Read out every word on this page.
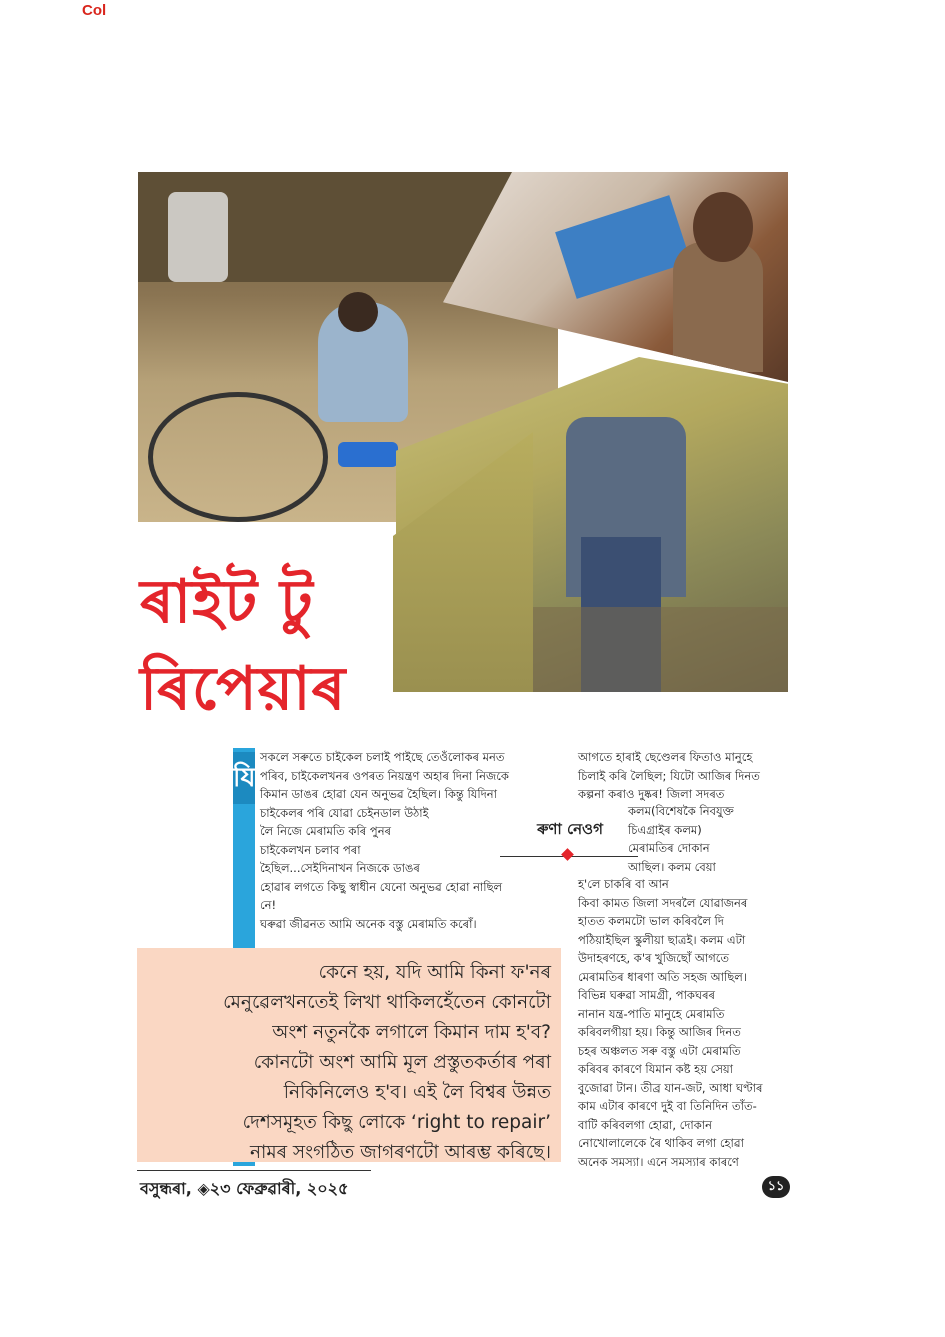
Col
ৰাইট টু
ৰিপেয়াৰ
ৰুণা নেওগ
যি

সকলে সৰুতে চাইকেল চলাই পাইছে তেওঁলোকৰ মনত

পৰিব, চাইকেলখনৰ ওপৰত নিয়ন্ত্ৰণ অহাৰ দিনা নিজকে

কিমান ডাঙৰ হোৱা যেন অনুভৱ হৈছিল। কিন্তু যিদিনা

চাইকেলৰ পৰি যোৱা চেইনডাল উঠাই

লৈ নিজে মেৰামতি কৰি পুনৰ

চাইকেলখন চলাব পৰা

হৈছিল...সেইদিনাখন নিজকে ডাঙৰ

হোৱাৰ লগতে কিছু স্বাধীন যেনো অনুভৱ হোৱা নাছিল

নে!

ঘৰুৱা জীৱনত আমি অনেক বস্তু মেৰামতি কৰোঁ।

আগতে হাৰাই ছেণ্ডেলৰ ফিতাও মানুহে

চিলাই কৰি লৈছিল; যিটো আজিৰ দিনত

কল্পনা কৰাও দুষ্কৰ! জিলা সদৰত

কলম(বিশেষকৈ নিবযুক্ত

চিএগ্ৰাইৰ কলম)

মেৰামতিৰ দোকান

আছিল। কলম বেয়া

হ'লে চাকৰি বা আন

কিবা কামত জিলা সদৰলৈ যোৱাজনৰ

হাতত কলমটো ভাল কৰিবলৈ দি

পঠিয়াইছিল স্কুলীয়া ছাত্ৰই। কলম এটা

উদাহৰণহে, ক'ৰ খুজিছোঁ আগতে

মেৰামতিৰ ধাৰণা অতি সহজ আছিল।

বিভিন্ন ঘৰুৱা সামগ্ৰী, পাকঘৰৰ

নানান যন্ত্ৰ-পাতি মানুহে মেৰামতি

কৰিবলগীয়া হয়। কিন্তু আজিৰ দিনত

চহৰ অঞ্চলত সৰু বস্তু এটা মেৰামতি

কৰিবৰ কাৰণে যিমান কষ্ট হয় সেয়া

বুজোৱা টান। তীব্ৰ যান-জট, আধা ঘণ্টাৰ

কাম এটাৰ কাৰণে দুই বা তিনিদিন তাঁত-

বাটি কৰিবলগা হোৱা, দোকান

নোখোলালেকে ৰৈ থাকিব লগা হোৱা

অনেক সমস্যা। এনে সমস্যাৰ কাৰণে

কেনে হয়, যদি আমি কিনা ফ'নৰ

মেনুৱেলখনতেই লিখা থাকিলহেঁতেন কোনটো

অংশ নতুনকৈ লগালে কিমান দাম হ'ব?

কোনটো অংশ আমি মূল প্ৰস্তুতকৰ্তাৰ পৰা

নিকিনিলেও হ'ব। এই লৈ বিশ্বৰ উন্নত

দেশসমূহত কিছু লোকে ‘right to repair’

নামৰ সংগঠিত জাগৰণটো আৰম্ভ কৰিছে।

বসুন্ধৰা, ◈২৩ ফেব্ৰুৱাৰী, ২০২৫	১১
